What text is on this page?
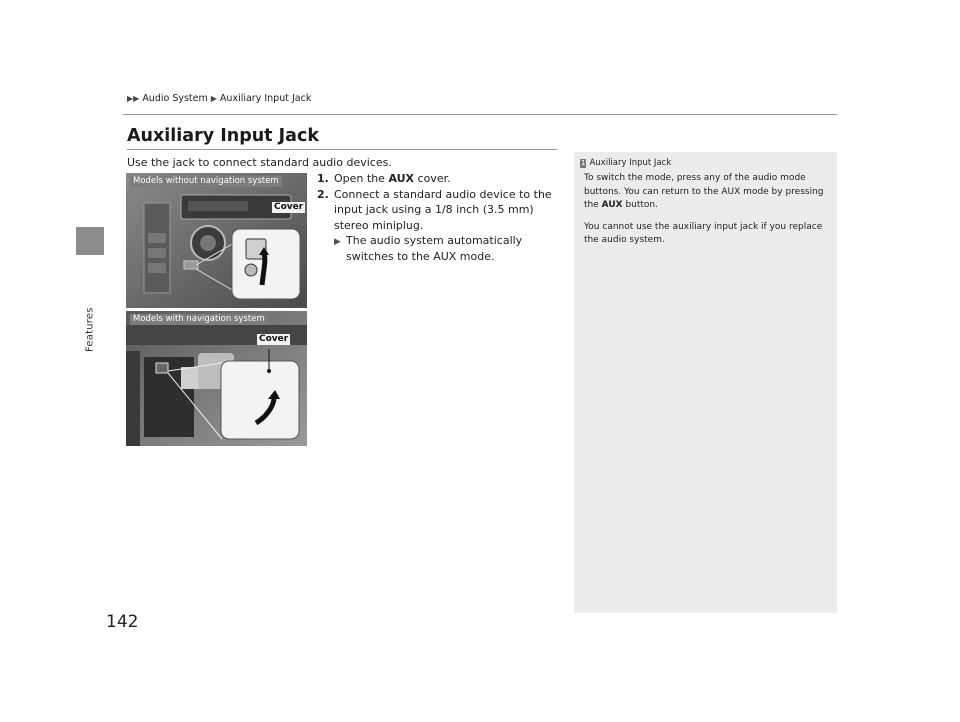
Features
▶▶ Audio System ▶ Auxiliary Input Jack
Auxiliary Input Jack
Use the jack to connect standard audio devices.
1. Open the AUX cover.
2. Connect a standard audio device to the input jack using a 1/8 inch (3.5 mm) stereo miniplug.
▶ The audio system automatically switches to the AUX mode.
Models without navigation system
Cover
Models with navigation system
Cover
1 Auxiliary Input Jack

To switch the mode, press any of the audio mode buttons. You can return to the AUX mode by pressing the AUX button.

You cannot use the auxiliary input jack if you replace the audio system.

142
